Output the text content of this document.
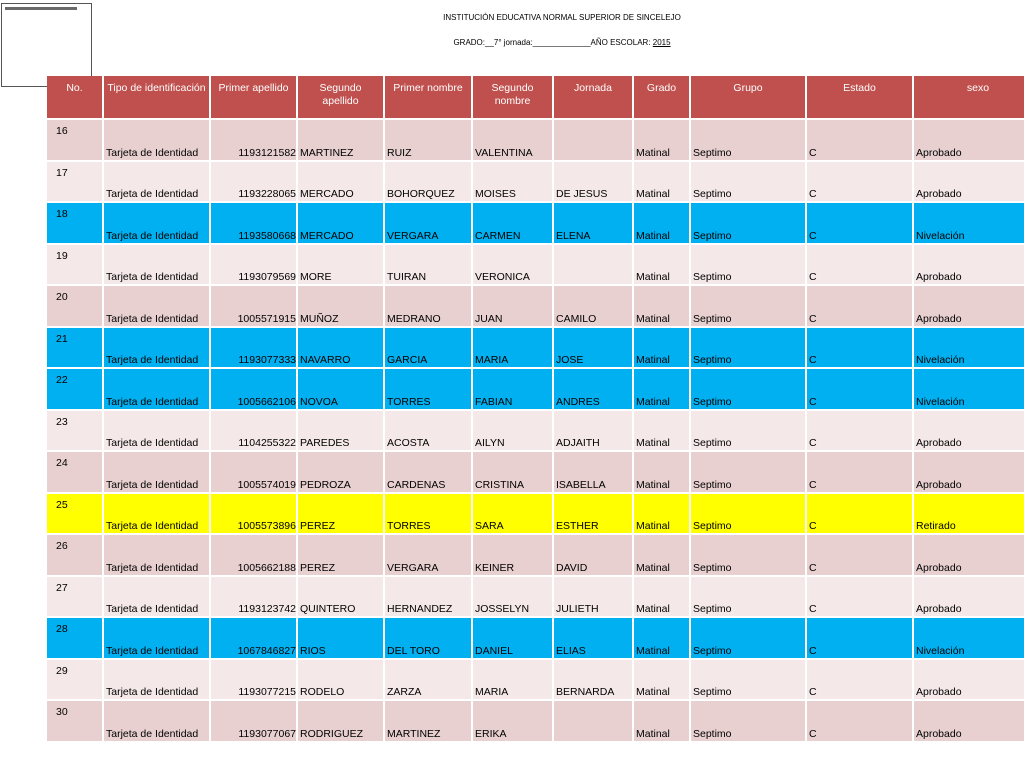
INSTITUCIÓN EDUCATIVA NORMAL SUPERIOR DE SINCELEJO
GRADO:__7° jornada:_____________AÑO ESCOLAR: 2015
No.	Tipo de identificación	Primer apellido	Segundo apellido	Primer nombre	Segundo nombre	Jornada	Grado	Grupo	Estado	sexo
16	Tarjeta de Identidad	1193121582	MARTINEZ	RUIZ	VALENTINA		Matinal	Septimo	C	Aprobado
17	Tarjeta de Identidad	1193228065	MERCADO	BOHORQUEZ	MOISES	DE JESUS	Matinal	Septimo	C	Aprobado
18	Tarjeta de Identidad	1193580668	MERCADO	VERGARA	CARMEN	ELENA	Matinal	Septimo	C	Nivelación
19	Tarjeta de Identidad	1193079569	MORE	TUIRAN	VERONICA		Matinal	Septimo	C	Aprobado
20	Tarjeta de Identidad	1005571915	MUÑOZ	MEDRANO	JUAN	CAMILO	Matinal	Septimo	C	Aprobado
21	Tarjeta de Identidad	1193077333	NAVARRO	GARCIA	MARIA	JOSE	Matinal	Septimo	C	Nivelación
22	Tarjeta de Identidad	1005662106	NOVOA	TORRES	FABIAN	ANDRES	Matinal	Septimo	C	Nivelación
23	Tarjeta de Identidad	1104255322	PAREDES	ACOSTA	AILYN	ADJAITH	Matinal	Septimo	C	Aprobado
24	Tarjeta de Identidad	1005574019	PEDROZA	CARDENAS	CRISTINA	ISABELLA	Matinal	Septimo	C	Aprobado
25	Tarjeta de Identidad	1005573896	PEREZ	TORRES	SARA	ESTHER	Matinal	Septimo	C	Retirado
26	Tarjeta de Identidad	1005662188	PEREZ	VERGARA	KEINER	DAVID	Matinal	Septimo	C	Aprobado
27	Tarjeta de Identidad	1193123742	QUINTERO	HERNANDEZ	JOSSELYN	JULIETH	Matinal	Septimo	C	Aprobado
28	Tarjeta de Identidad	1067846827	RIOS	DEL TORO	DANIEL	ELIAS	Matinal	Septimo	C	Nivelación
29	Tarjeta de Identidad	1193077215	RODELO	ZARZA	MARIA	BERNARDA	Matinal	Septimo	C	Aprobado
30	Tarjeta de Identidad	1193077067	RODRIGUEZ	MARTINEZ	ERIKA		Matinal	Septimo	C	Aprobado
